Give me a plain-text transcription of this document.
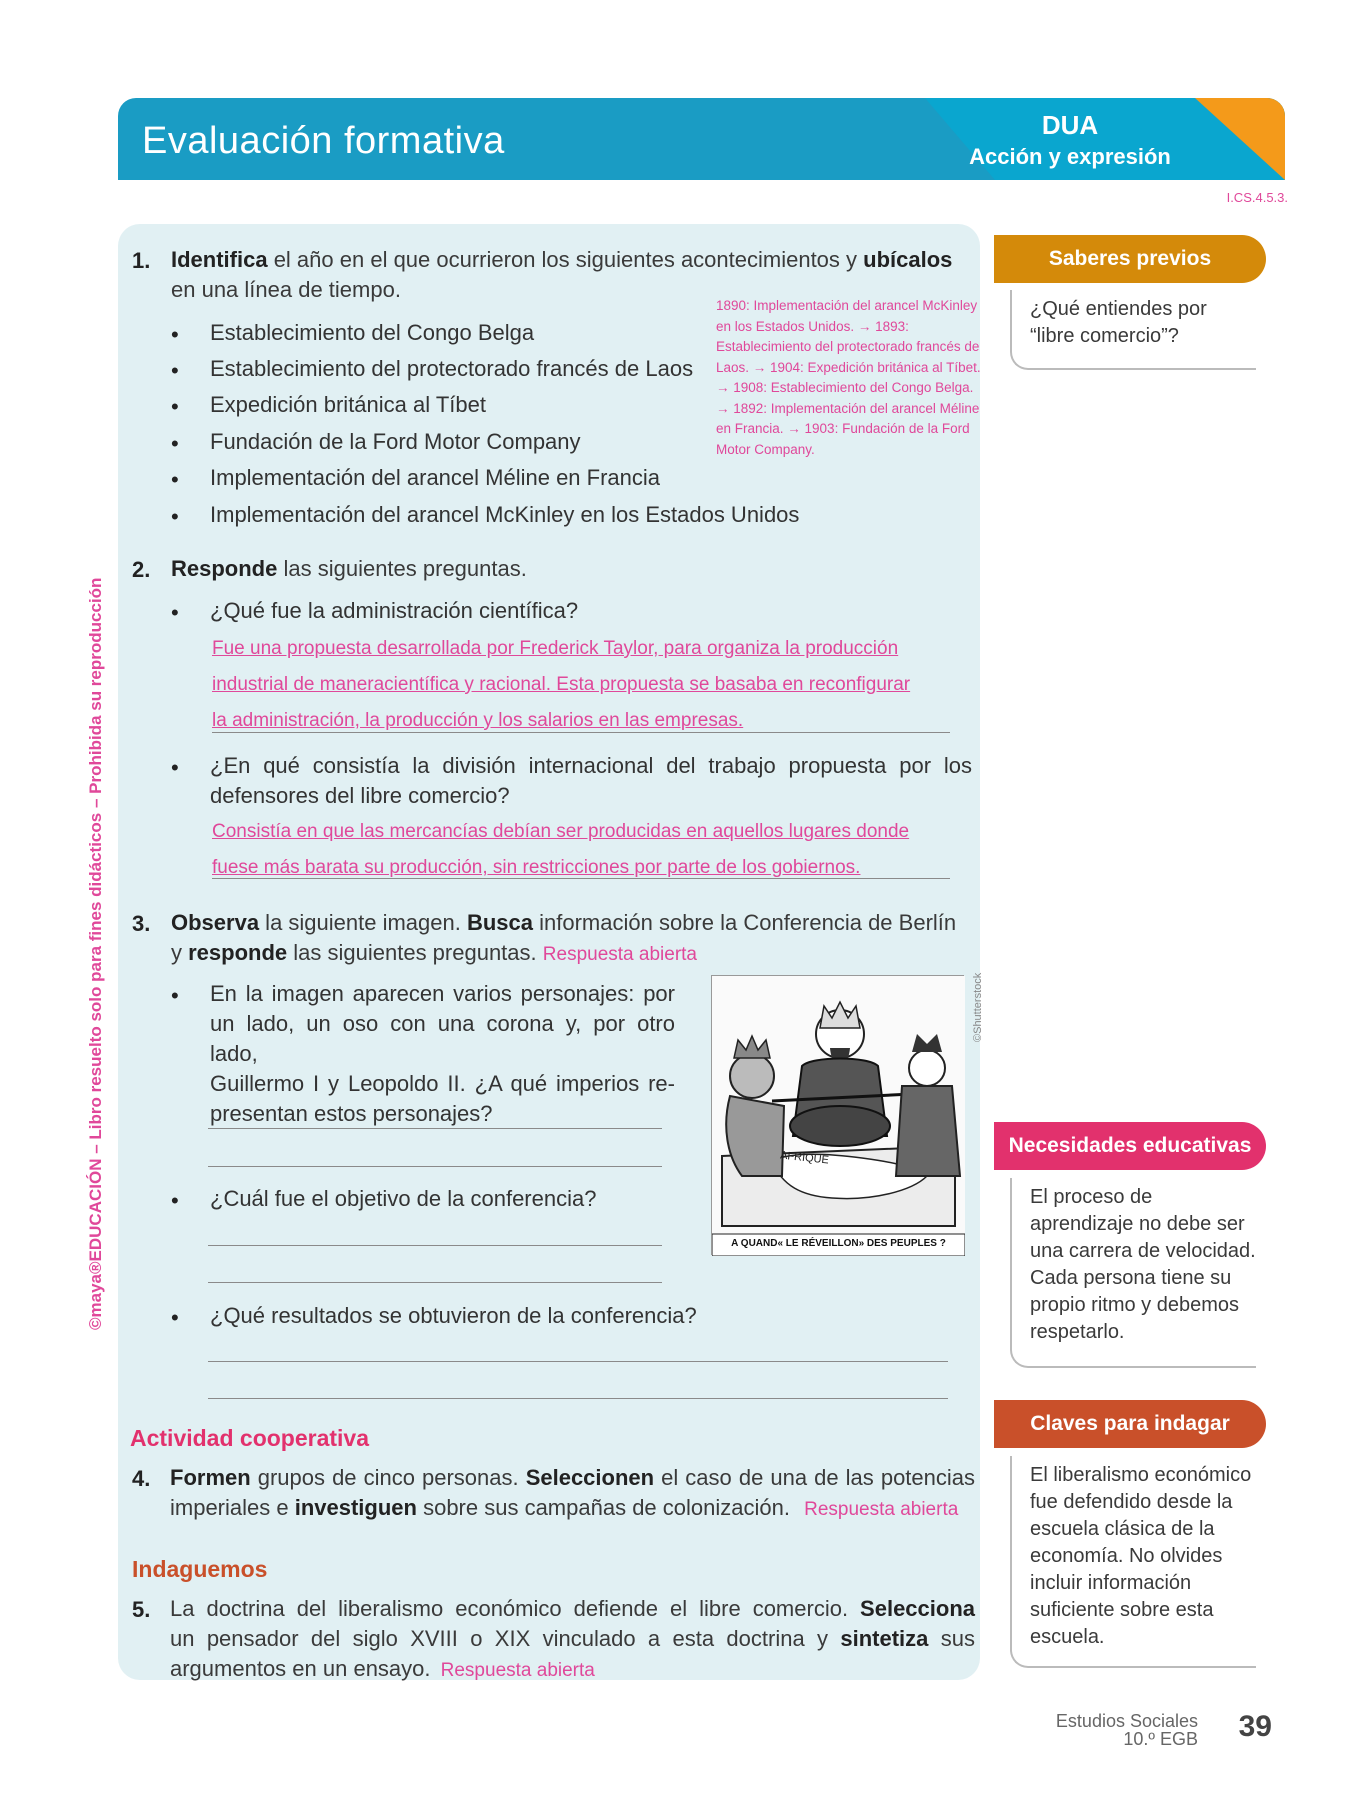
Evaluación formativa	DUA
Acción y expresión
I.CS.4.5.3.
©maya®EDUCACIÓN – Libro resuelto solo para fines didácticos – Prohibida su reproducción
1. Identifica el año en el que ocurrieron los siguientes acontecimientos y ubícalos
en una línea de tiempo.
1890: Implementación del arancel McKinley en los Estados Unidos. → 1893: Establecimiento del protectorado francés de Laos. → 1904: Expedición británica al Tíbet. → 1908: Establecimiento del Congo Belga. → 1892: Implementación del arancel Méline en Francia. → 1903: Fundación de la Ford Motor Company.
• Establecimiento del Congo Belga
• Establecimiento del protectorado francés de Laos
• Expedición británica al Tíbet
• Fundación de la Ford Motor Company
• Implementación del arancel Méline en Francia
• Implementación del arancel McKinley en los Estados Unidos
2. Responde las siguientes preguntas.
• ¿Qué fue la administración científica?
Fue una propuesta desarrollada por Frederick Taylor, para organiza la producción
industrial de maneracientífica y racional. Esta propuesta se basaba en reconfigurar
la administración, la producción y los salarios en las empresas.
• ¿En qué consistía la división internacional del trabajo propuesta por los
defensores del libre comercio?
Consistía en que las mercancías debían ser producidas en aquellos lugares donde
fuese más barata su producción, sin restricciones por parte de los gobiernos.
3. Observa la siguiente imagen. Busca información sobre la Conferencia de Berlín
y responde las siguientes preguntas. Respuesta abierta
• En la imagen aparecen varios personajes: por
un lado, un oso con una corona y, por otro lado,
Guillermo I y Leopoldo II. ¿A qué imperios re-
presentan estos personajes?
• ¿Cuál fue el objetivo de la conferencia?
• ¿Qué resultados se obtuvieron de la conferencia?
AFRIQUE
A QUAND« LE RÉVEILLON» DES PEUPLES ?
©Shutterstock
Actividad cooperativa
4. Formen grupos de cinco personas. Seleccionen el caso de una de las potencias
imperiales e investiguen sobre sus campañas de colonización. Respuesta abierta
Indaguemos
5. La doctrina del liberalismo económico defiende el libre comercio. Selecciona
un pensador del siglo XVIII o XIX vinculado a esta doctrina y sintetiza sus
argumentos en un ensayo. Respuesta abierta
Saberes previos
¿Qué entiendes por “libre comercio”?
Necesidades educativas
El proceso de aprendizaje no debe ser una carrera de velocidad. Cada persona tiene su propio ritmo y debemos respetarlo.
Claves para indagar
El liberalismo económico fue defendido desde la escuela clásica de la economía. No olvides incluir información suficiente sobre esta escuela.
Estudios Sociales
10.º EGB 39
